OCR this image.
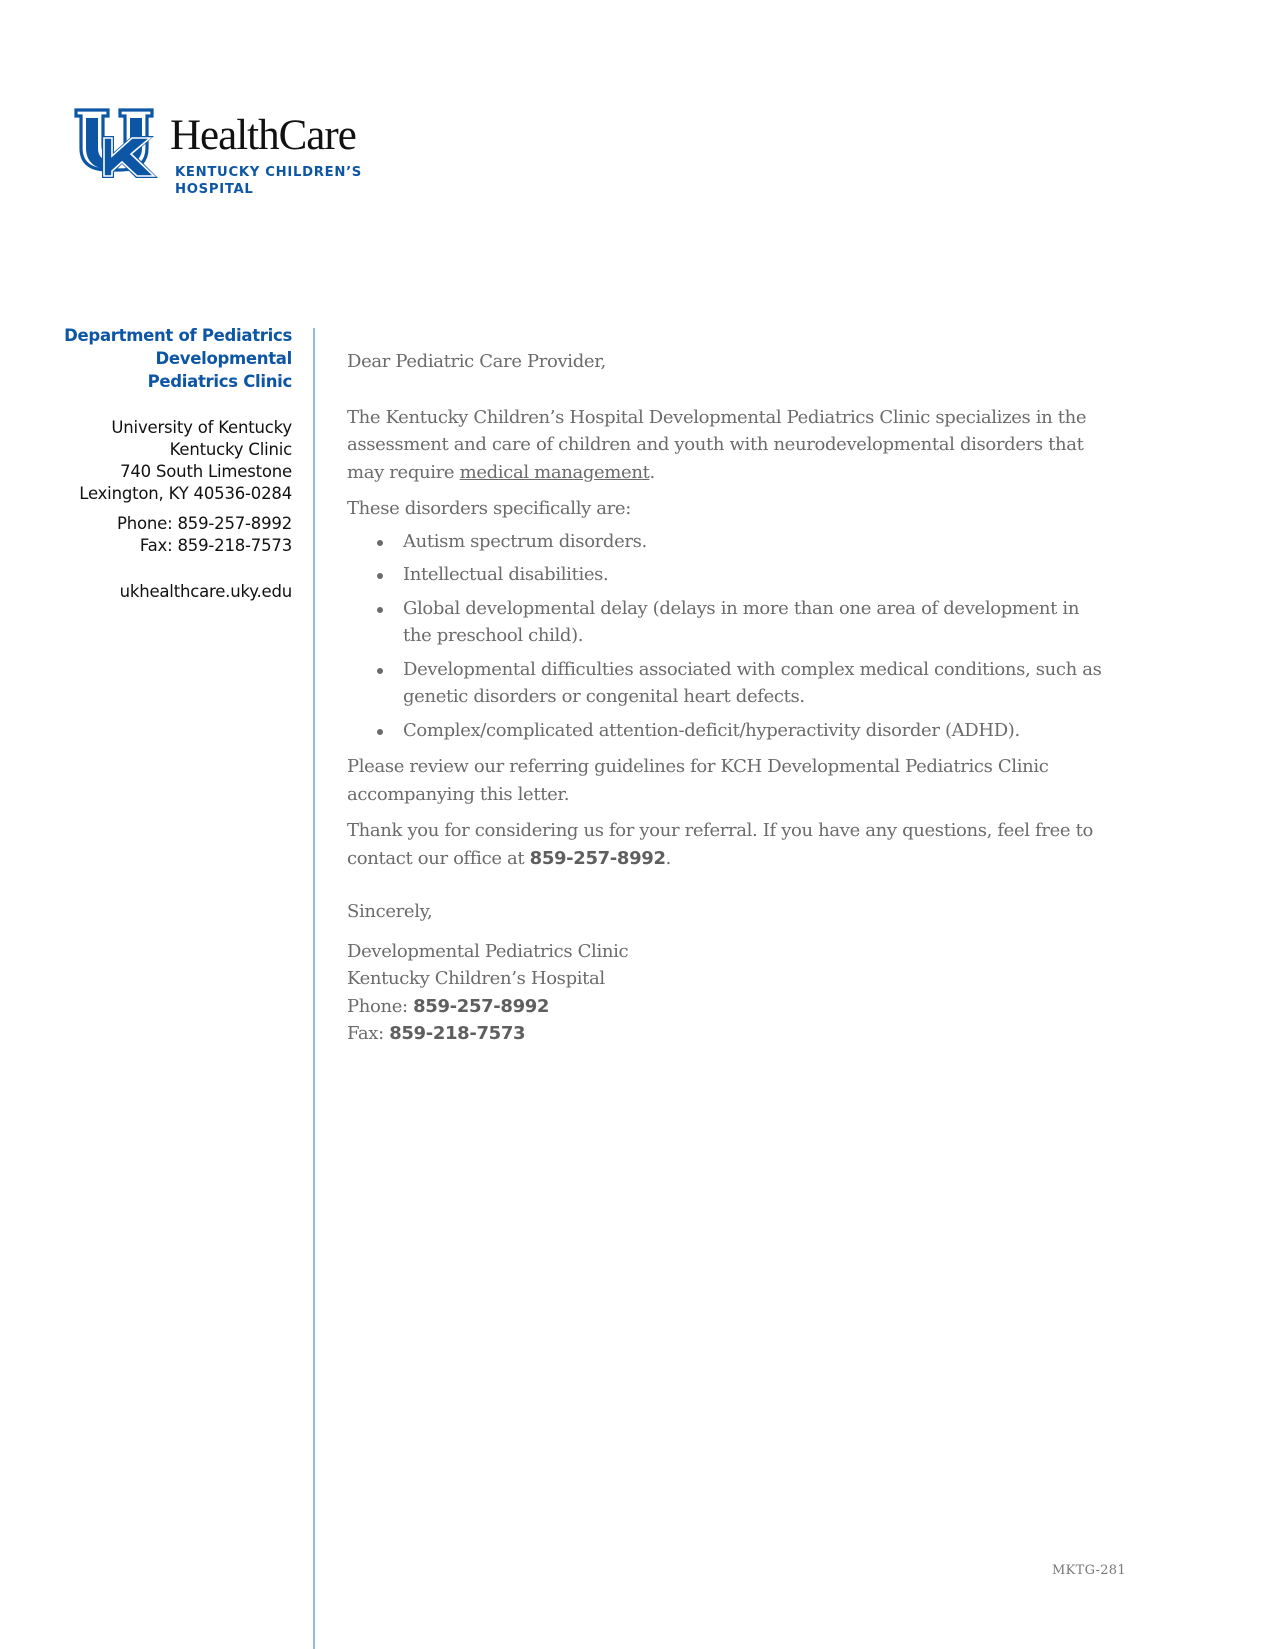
HealthCare
KENTUCKY CHILDREN’S
HOSPITAL
Department of Pediatrics
Developmental
Pediatrics Clinic
University of Kentucky
Kentucky Clinic
740 South Limestone
Lexington, KY 40536-0284
Phone: 859-257-8992
Fax: 859-218-7573
ukhealthcare.uky.edu

Dear Pediatric Care Provider,

The Kentucky Children’s Hospital Developmental Pediatrics Clinic specializes in the assessment and care of children and youth with neurodevelopmental disorders that may require medical management.

These disorders specifically are:

Autism spectrum disorders.
Intellectual disabilities.
Global developmental delay (delays in more than one area of development in the preschool child).
Developmental difficulties associated with complex medical conditions, such as genetic disorders or congenital heart defects.
Complex/complicated attention-deficit/hyperactivity disorder (ADHD).

Please review our referring guidelines for KCH Developmental Pediatrics Clinic accompanying this letter.

Thank you for considering us for your referral. If you have any questions, feel free to contact our office at 859-257-8992.

Sincerely,

Developmental Pediatrics Clinic

Kentucky Children’s Hospital

Phone: 859-257-8992

Fax: 859-218-7573

MKTG-281
